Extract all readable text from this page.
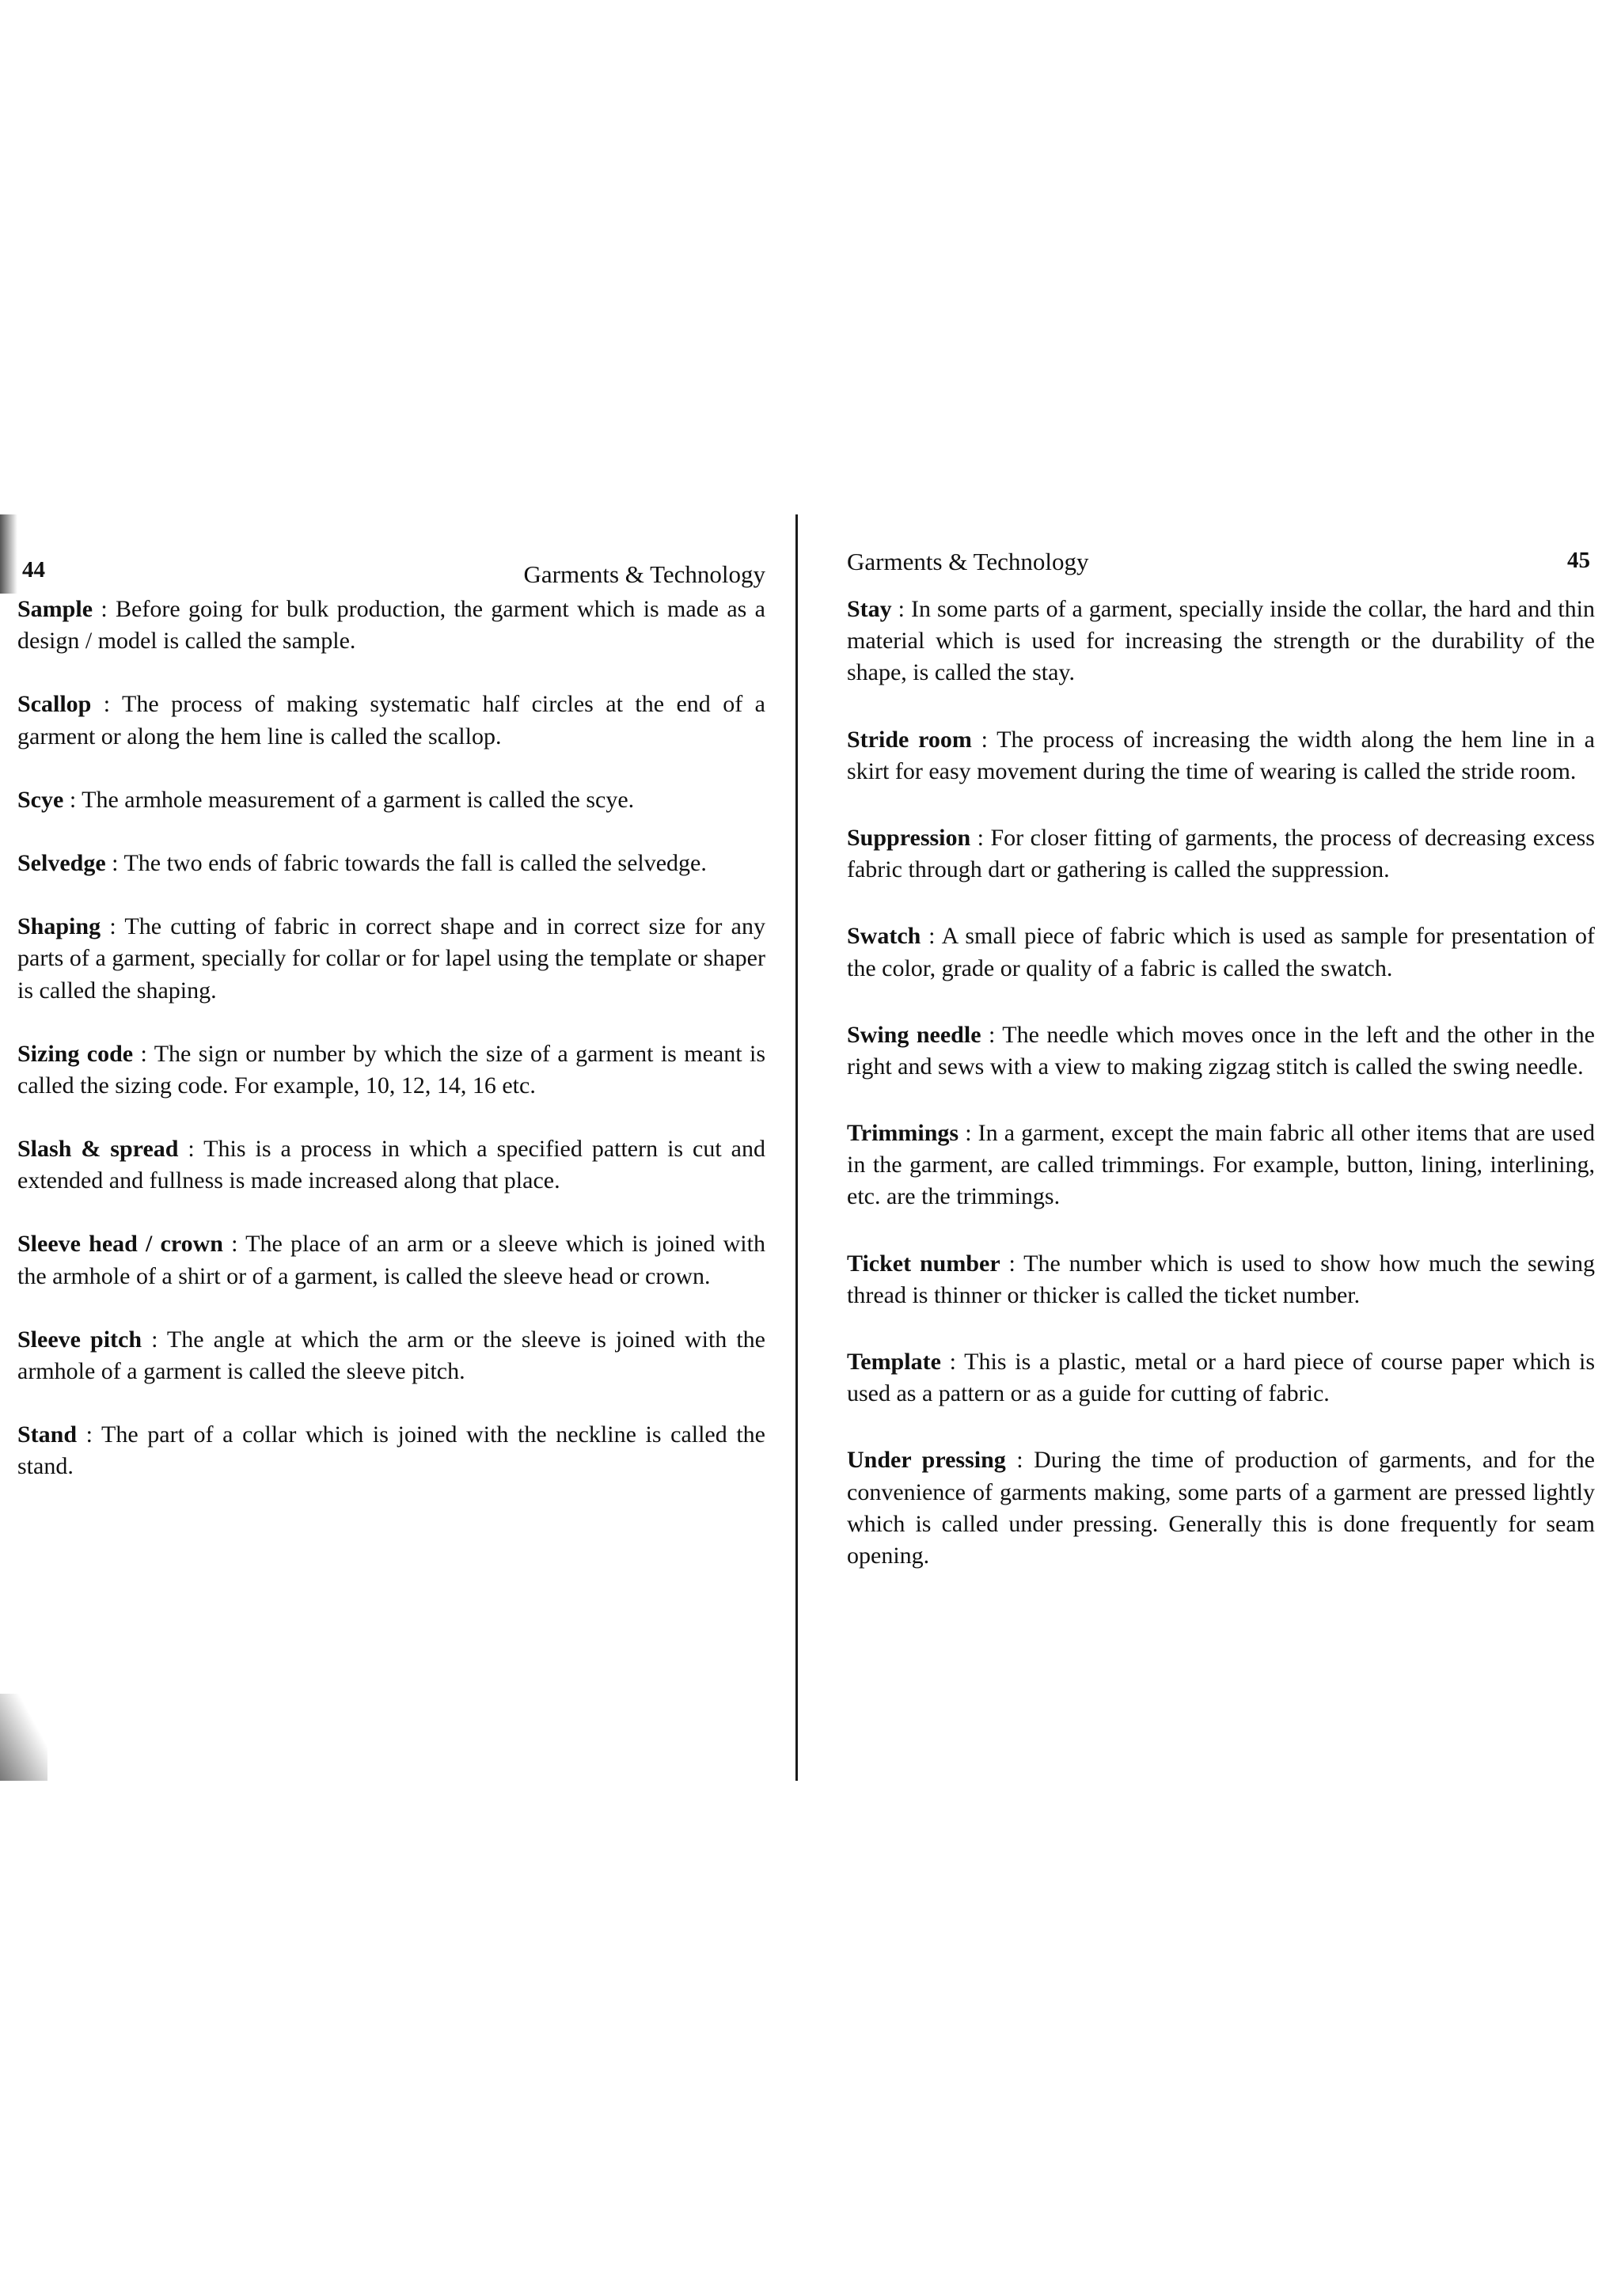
44	Garments & Technology

Sample : Before going for bulk production, the garment which is made as a design / model is called the sample.

Scallop : The process of making systematic half circles at the end of a garment or along the hem line is called the scallop.

Scye : The armhole measurement of a garment is called the scye.

Selvedge : The two ends of fabric towards the fall is called the selvedge.

Shaping : The cutting of fabric in correct shape and in correct size for any parts of a garment, specially for collar or for lapel using the template or shaper is called the shaping.

Sizing code : The sign or number by which the size of a garment is meant is called the sizing code. For example, 10, 12, 14, 16 etc.

Slash & spread : This is a process in which a specified pattern is cut and extended and fullness is made increased along that place.

Sleeve head / crown : The place of an arm or a sleeve which is joined with the armhole of a shirt or of a garment, is called the sleeve head or crown.

Sleeve pitch : The angle at which the arm or the sleeve is joined with the armhole of a garment is called the sleeve pitch.

Stand : The part of a collar which is joined with the neckline is called the stand.

Garments & Technology	45

Stay : In some parts of a garment, specially inside the collar, the hard and thin material which is used for increasing the strength or the durability of the shape, is called the stay.

Stride room : The process of increasing the width along the hem line in a skirt for easy movement during the time of wearing is called the stride room.

Suppression : For closer fitting of garments, the process of decreasing excess fabric through dart or gathering is called the suppression.

Swatch : A small piece of fabric which is used as sample for presentation of the color, grade or quality of a fabric is called the swatch.

Swing needle : The needle which moves once in the left and the other in the right and sews with a view to making zigzag stitch is called the swing needle.

Trimmings : In a garment, except the main fabric all other items that are used in the garment, are called trimmings. For example, button, lining, interlining, etc. are the trimmings.

Ticket number : The number which is used to show how much the sewing thread is thinner or thicker is called the ticket number.

Template : This is a plastic, metal or a hard piece of course paper which is used as a pattern or as a guide for cutting of fabric.

Under pressing : During the time of production of garments, and for the convenience of garments making, some parts of a garment are pressed lightly which is called under pressing. Generally this is done frequently for seam opening.
